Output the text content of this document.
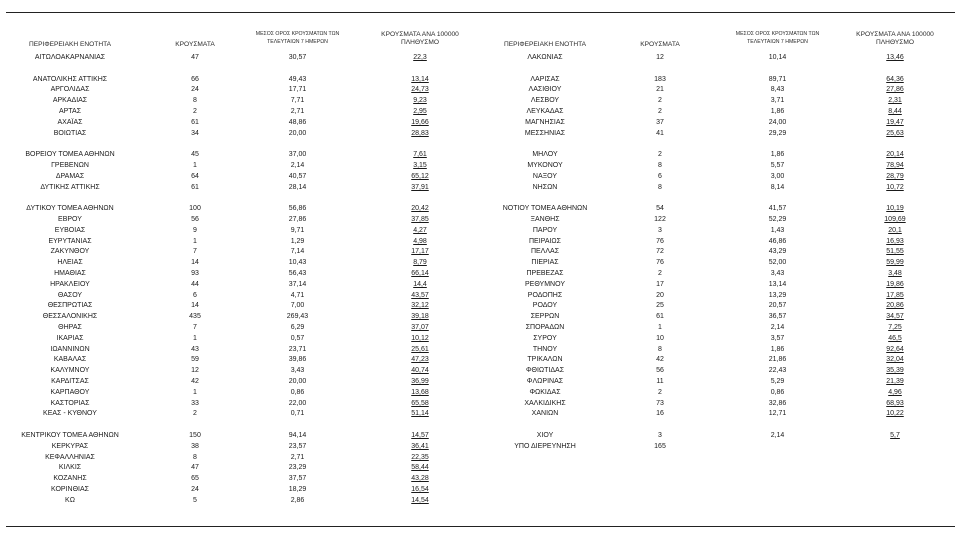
ΠΕΡΙΦΕΡΕΙΑΚΗ ΕΝΟΤΗΤΑ	ΚΡΟΥΣΜΑΤΑ
ΜΕΣΟΣ ΟΡΟΣ ΚΡΟΥΣΜΑΤΩΝ ΤΩΝ
ΤΕΛΕΥΤΑΙΩΝ 7 ΗΜΕΡΩΝ
ΚΡΟΥΣΜΑΤΑ ΑΝΑ 100000
ΠΛΗΘΥΣΜΟ
ΑΙΤΩΛΟΑΚΑΡΝΑΝΙΑΣ	47	30,57	22,3
ΑΝΑΤΟΛΙΚΗΣ ΑΤΤΙΚΗΣ	66	49,43	13,14
ΑΡΓΟΛΙΔΑΣ	24	17,71	24,73
ΑΡΚΑΔΙΑΣ	8	7,71	9,23
ΑΡΤΑΣ	2	2,71	2,95
ΑΧΑΪΑΣ	61	48,86	19,66
ΒΟΙΩΤΙΑΣ	34	20,00	28,83
ΒΟΡΕΙΟΥ ΤΟΜΕΑ ΑΘΗΝΩΝ	45	37,00	7,61
ΓΡΕΒΕΝΩΝ	1	2,14	3,15
ΔΡΑΜΑΣ	64	40,57	65,12
ΔΥΤΙΚΗΣ ΑΤΤΙΚΗΣ	61	28,14	37,91
ΔΥΤΙΚΟΥ ΤΟΜΕΑ ΑΘΗΝΩΝ	100	56,86	20,42
ΕΒΡΟΥ	56	27,86	37,85
ΕΥΒΟΙΑΣ	9	9,71	4,27
ΕΥΡΥΤΑΝΙΑΣ	1	1,29	4,98
ΖΑΚΥΝΘΟΥ	7	7,14	17,17
ΗΛΕΙΑΣ	14	10,43	8,79
ΗΜΑΘΙΑΣ	93	56,43	66,14
ΗΡΑΚΛΕΙΟΥ	44	37,14	14,4
ΘΑΣΟΥ	6	4,71	43,57
ΘΕΣΠΡΩΤΙΑΣ	14	7,00	32,12
ΘΕΣΣΑΛΟΝΙΚΗΣ	435	269,43	39,18
ΘΗΡΑΣ	7	6,29	37,07
ΙΚΑΡΙΑΣ	1	0,57	10,12
ΙΩΑΝΝΙΝΩΝ	43	23,71	25,61
ΚΑΒΑΛΑΣ	59	39,86	47,23
ΚΑΛΥΜΝΟΥ	12	3,43	40,74
ΚΑΡΔΙΤΣΑΣ	42	20,00	36,99
ΚΑΡΠΑΘΟΥ	1	0,86	13,68
ΚΑΣΤΟΡΙΑΣ	33	22,00	65,58
ΚΕΑΣ - ΚΥΘΝΟΥ	2	0,71	51,14
ΚΕΝΤΡΙΚΟΥ ΤΟΜΕΑ ΑΘΗΝΩΝ	150	94,14	14,57
ΚΕΡΚΥΡΑΣ	38	23,57	36,41
ΚΕΦΑΛΛΗΝΙΑΣ	8	2,71	22,35
ΚΙΛΚΙΣ	47	23,29	58,44
ΚΟΖΑΝΗΣ	65	37,57	43,28
ΚΟΡΙΝΘΙΑΣ	24	18,29	16,54
ΚΩ	5	2,86	14,54
ΠΕΡΙΦΕΡΕΙΑΚΗ ΕΝΟΤΗΤΑ	ΚΡΟΥΣΜΑΤΑ
ΜΕΣΟΣ ΟΡΟΣ ΚΡΟΥΣΜΑΤΩΝ ΤΩΝ
ΤΕΛΕΥΤΑΙΩΝ 7 ΗΜΕΡΩΝ
ΚΡΟΥΣΜΑΤΑ ΑΝΑ 100000
ΠΛΗΘΥΣΜΟ
ΛΑΚΩΝΙΑΣ	12	10,14	13,46
ΛΑΡΙΣΑΣ	183	89,71	64,36
ΛΑΣΙΘΙΟΥ	21	8,43	27,86
ΛΕΣΒΟΥ	2	3,71	2,31
ΛΕΥΚΑΔΑΣ	2	1,86	8,44
ΜΑΓΝΗΣΙΑΣ	37	24,00	19,47
ΜΕΣΣΗΝΙΑΣ	41	29,29	25,63
ΜΗΛΟΥ	2	1,86	20,14
ΜΥΚΟΝΟΥ	8	5,57	78,94
ΝΑΞΟΥ	6	3,00	28,79
ΝΗΣΩΝ	8	8,14	10,72
ΝΟΤΙΟΥ ΤΟΜΕΑ ΑΘΗΝΩΝ	54	41,57	10,19
ΞΑΝΘΗΣ	122	52,29	109,69
ΠΑΡΟΥ	3	1,43	20,1
ΠΕΙΡΑΙΩΣ	76	46,86	16,93
ΠΕΛΛΑΣ	72	43,29	51,55
ΠΙΕΡΙΑΣ	76	52,00	59,99
ΠΡΕΒΕΖΑΣ	2	3,43	3,48
ΡΕΘΥΜΝΟΥ	17	13,14	19,86
ΡΟΔΟΠΗΣ	20	13,29	17,85
ΡΟΔΟΥ	25	20,57	20,86
ΣΕΡΡΩΝ	61	36,57	34,57
ΣΠΟΡΑΔΩΝ	1	2,14	7,25
ΣΥΡΟΥ	10	3,57	46,5
ΤΗΝΟΥ	8	1,86	92,64
ΤΡΙΚΑΛΩΝ	42	21,86	32,04
ΦΘΙΩΤΙΔΑΣ	56	22,43	35,39
ΦΛΩΡΙΝΑΣ	11	5,29	21,39
ΦΩΚΙΔΑΣ	2	0,86	4,96
ΧΑΛΚΙΔΙΚΗΣ	73	32,86	68,93
ΧΑΝΙΩΝ	16	12,71	10,22
ΧΙΟΥ	3	2,14	5,7
ΥΠΟ ΔΙΕΡΕΥΝΗΣΗ	165
